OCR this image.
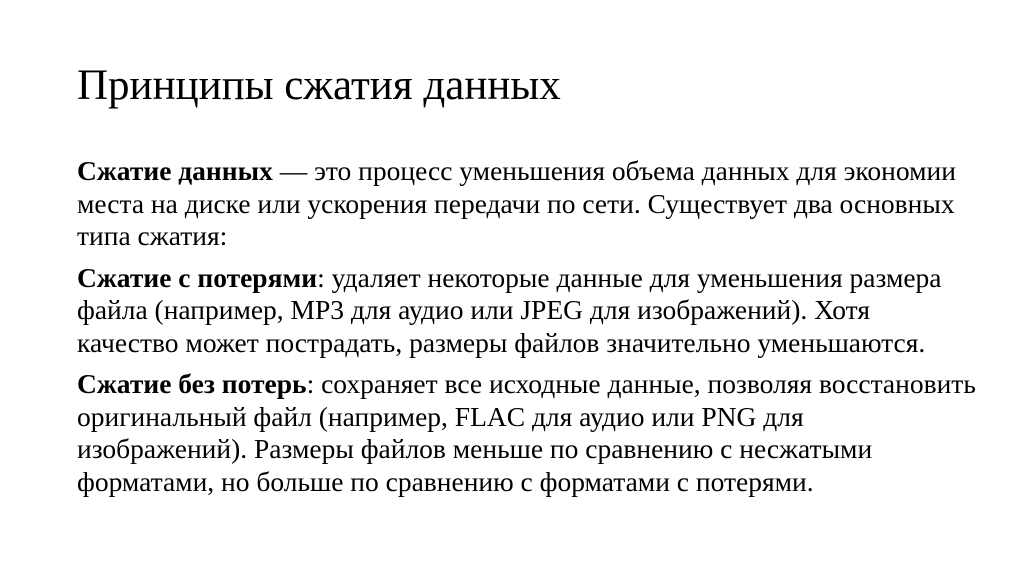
Принципы сжатия данных

Сжатие данных — это процесс уменьшения объема данных для экономии места на диске или ускорения передачи по сети. Существует два основных типа сжатия:

Сжатие с потерями: удаляет некоторые данные для уменьшения размера файла (например, MP3 для аудио или JPEG для изображений). Хотя качество может пострадать, размеры файлов значительно уменьшаются.

Сжатие без потерь: сохраняет все исходные данные, позволяя восстановить оригинальный файл (например, FLAC для аудио или PNG для изображений). Размеры файлов меньше по сравнению с несжатыми форматами, но больше по сравнению с форматами с потерями.
